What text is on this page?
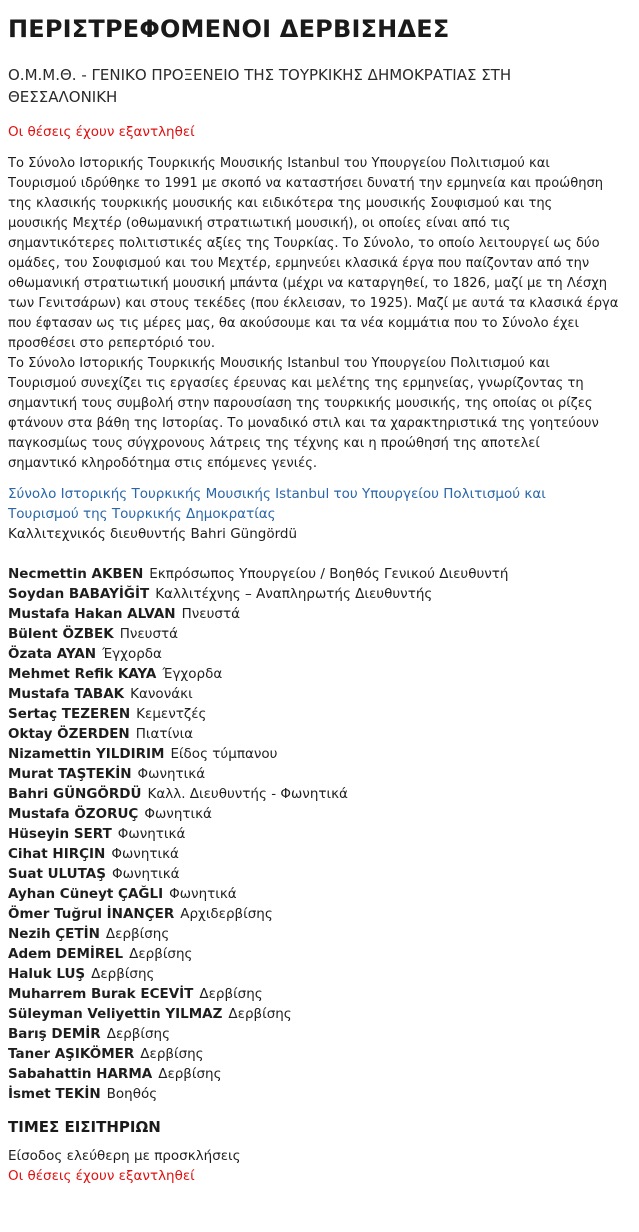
ΠΕΡΙΣΤΡΕΦΟΜΕΝΟΙ ΔΕΡΒΙΣΗΔΕΣ
Ο.Μ.Μ.Θ. - ΓΕΝΙΚΟ ΠΡΟΞΕΝΕΙΟ ΤΗΣ ΤΟΥΡΚΙΚΗΣ ΔΗΜΟΚΡΑΤΙΑΣ ΣΤΗ ΘΕΣΣΑΛΟΝΙΚΗ
Οι θέσεις έχουν εξαντληθεί
Το Σύνολο Ιστορικής Τουρκικής Μουσικής Istanbul του Υπουργείου Πολιτισμού και
Τουρισμού ιδρύθηκε το 1991 με σκοπό να καταστήσει δυνατή την ερμηνεία και προώθηση
της κλασικής τουρκικής μουσικής και ειδικότερα της μουσικής Σουφισμού και της
μουσικής Μεχτέρ (οθωμανική στρατιωτική μουσική), οι οποίες είναι από τις
σημαντικότερες πολιτιστικές αξίες της Τουρκίας. Το Σύνολο, το οποίο λειτουργεί ως δύο
ομάδες, του Σουφισμού και του Μεχτέρ, ερμηνεύει κλασικά έργα που παίζονταν από την
οθωμανική στρατιωτική μουσική μπάντα (μέχρι να καταργηθεί, το 1826, μαζί με τη Λέσχη
των Γενιτσάρων) και στους τεκέδες (που έκλεισαν, το 1925). Μαζί με αυτά τα κλασικά έργα
που έφτασαν ως τις μέρες μας, θα ακούσουμε και τα νέα κομμάτια που το Σύνολο έχει
προσθέσει στο ρεπερτόριό του.
Το Σύνολο Ιστορικής Τουρκικής Μουσικής Istanbul του Υπουργείου Πολιτισμού και
Τουρισμού συνεχίζει τις εργασίες έρευνας και μελέτης της ερμηνείας, γνωρίζοντας τη
σημαντική τους συμβολή στην παρουσίαση της τουρκικής μουσικής, της οποίας οι ρίζες
φτάνουν στα βάθη της Ιστορίας. Το μοναδικό στιλ και τα χαρακτηριστικά της γοητεύουν
παγκοσμίως τους σύγχρονους λάτρεις της τέχνης και η προώθησή της αποτελεί
σημαντικό κληροδότημα στις επόμενες γενιές.
Σύνολο Ιστορικής Τουρκικής Μουσικής Istanbul του Υπουργείου Πολιτισμού και
Τουρισμού της Τουρκικής Δημοκρατίας
Καλλιτεχνικός διευθυντής Bahri Güngördü
Necmettin AKBEN Εκπρόσωπος Υπουργείου / Βοηθός Γενικού Διευθυντή
Soydan BABAYİĞİT Καλλιτέχνης – Αναπληρωτής Διευθυντής
Mustafa Hakan ALVAN Πνευστά
Bülent ÖZBEK Πνευστά
Özata AYAN Έγχορδα
Mehmet Refik KAYA Έγχορδα
Mustafa TABAK Κανονάκι
Sertaç TEZEREN Κεμεντζές
Oktay ÖZERDEN Πιατίνια
Nizamettin YILDIRIM Είδος τύμπανου
Murat TAŞTEKİN Φωνητικά
Bahri GÜNGÖRDÜ Καλλ. Διευθυντής - Φωνητικά
Mustafa ÖZORUÇ Φωνητικά
Hüseyin SERT Φωνητικά
Cihat HIRÇIN Φωνητικά
Suat ULUTAŞ Φωνητικά
Ayhan Cüneyt ÇAĞLI Φωνητικά
Ömer Tuğrul İNANÇER Αρχιδερβίσης
Nezih ÇETİN Δερβίσης
Adem DEMİREL Δερβίσης
Haluk LUŞ Δερβίσης
Muharrem Burak ECEVİT Δερβίσης
Süleyman Veliyettin YILMAZ Δερβίσης
Barış DEMİR Δερβίσης
Taner AŞIKÖMER Δερβίσης
Sabahattin HARMA Δερβίσης
İsmet TEKİN Βοηθός
ΤΙΜΕΣ ΕΙΣΙΤΗΡΙΩΝ
Είσοδος ελεύθερη με προσκλήσεις
Οι θέσεις έχουν εξαντληθεί
